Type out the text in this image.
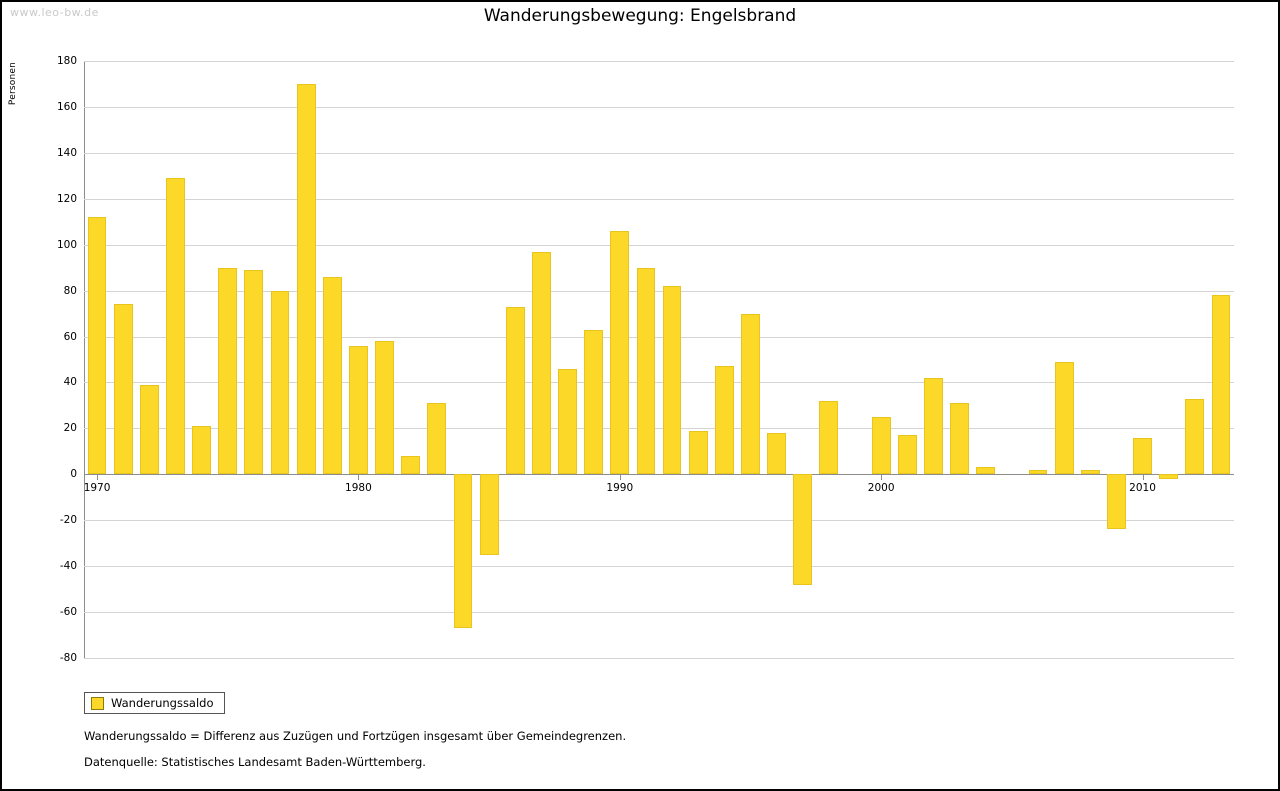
www.leo-bw.de	Wanderungsbewegung: Engelsbrand
Personen
-80
-60
-40
-20
0
20
40
60
80
100
120
140
160
180
1970	1980	1990	2000	2010
Wanderungssaldo
Wanderungssaldo = Differenz aus Zuzügen und Fortzügen insgesamt über Gemeindegrenzen.
Datenquelle: Statistisches Landesamt Baden-Württemberg.
